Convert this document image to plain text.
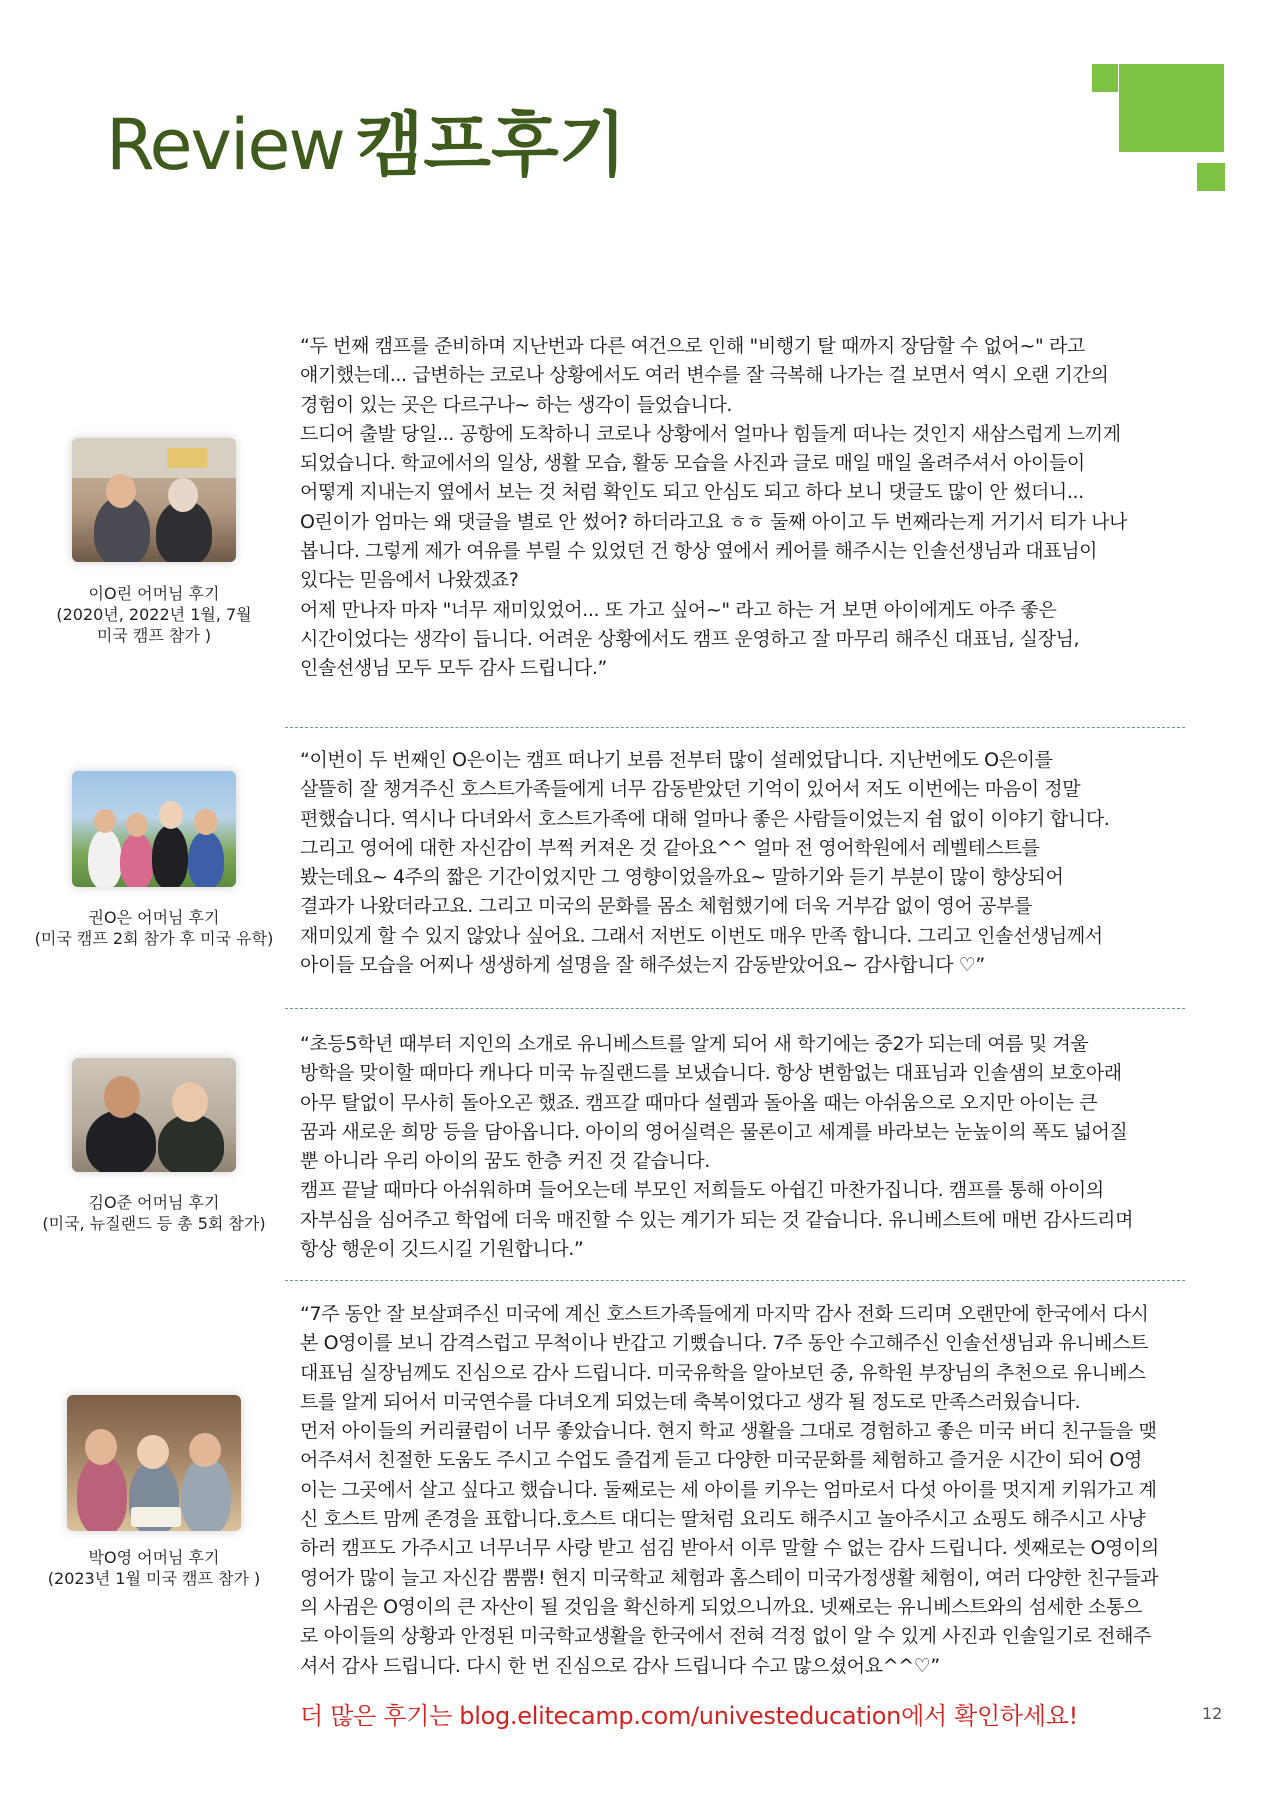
Review 캠프후기
이O린 어머님 후기
(2020년, 2022년 1월, 7월
미국 캠프 참가 )

“두 번째 캠프를 준비하며 지난번과 다른 여건으로 인해 "비행기 탈 때까지 장담할 수 없어~" 라고
얘기했는데... 급변하는 코로나 상황에서도 여러 변수를 잘 극복해 나가는 걸 보면서 역시 오랜 기간의
경험이 있는 곳은 다르구나~ 하는 생각이 들었습니다.
드디어 출발 당일... 공항에 도착하니 코로나 상황에서 얼마나 힘들게 떠나는 것인지 새삼스럽게 느끼게
되었습니다. 학교에서의 일상, 생활 모습, 활동 모습을 사진과 글로 매일 매일 올려주셔서 아이들이
어떻게 지내는지 옆에서 보는 것 처럼 확인도 되고 안심도 되고 하다 보니 댓글도 많이 안 썼더니...
O린이가 엄마는 왜 댓글을 별로 안 썼어? 하더라고요 ㅎㅎ 둘째 아이고 두 번째라는게 거기서 티가 나나
봅니다. 그렇게 제가 여유를 부릴 수 있었던 건 항상 옆에서 케어를 해주시는 인솔선생님과 대표님이
있다는 믿음에서 나왔겠죠?
어제 만나자 마자 "너무 재미있었어... 또 가고 싶어~" 라고 하는 거 보면 아이에게도 아주 좋은
시간이었다는 생각이 듭니다. 어려운 상황에서도 캠프 운영하고 잘 마무리 해주신 대표님, 실장님,
인솔선생님 모두 모두 감사 드립니다.”

권O은 어머님 후기
(미국 캠프 2회 참가 후 미국 유학)

“이번이 두 번째인 O은이는 캠프 떠나기 보름 전부터 많이 설레었답니다. 지난번에도 O은이를
살뜰히 잘 챙겨주신 호스트가족들에게 너무 감동받았던 기억이 있어서 저도 이번에는 마음이 정말
편했습니다. 역시나 다녀와서 호스트가족에 대해 얼마나 좋은 사람들이었는지 쉼 없이 이야기 합니다.
그리고 영어에 대한 자신감이 부쩍 커져온 것 같아요^^ 얼마 전 영어학원에서 레벨테스트를
봤는데요~ 4주의 짧은 기간이었지만 그 영향이었을까요~ 말하기와 듣기 부분이 많이 향상되어
결과가 나왔더라고요. 그리고 미국의 문화를 몸소 체험했기에 더욱 거부감 없이 영어 공부를
재미있게 할 수 있지 않았나 싶어요. 그래서 저번도 이번도 매우 만족 합니다. 그리고 인솔선생님께서
아이들 모습을 어찌나 생생하게 설명을 잘 해주셨는지 감동받았어요~ 감사합니다 ♡”

김O준 어머님 후기
(미국, 뉴질랜드 등 총 5회 참가)

“초등5학년 때부터 지인의 소개로 유니베스트를 알게 되어 새 학기에는 중2가 되는데 여름 및 겨울
방학을 맞이할 때마다 캐나다 미국 뉴질랜드를 보냈습니다. 항상 변함없는 대표님과 인솔샘의 보호아래
아무 탈없이 무사히 돌아오곤 했죠. 캠프갈 때마다 설렘과 돌아올 때는 아쉬움으로 오지만 아이는 큰
꿈과 새로운 희망 등을 담아옵니다. 아이의 영어실력은 물론이고 세계를 바라보는 눈높이의 폭도 넓어질
뿐 아니라 우리 아이의 꿈도 한층 커진 것 같습니다.
캠프 끝날 때마다 아쉬워하며 들어오는데 부모인 저희들도 아쉽긴 마찬가집니다. 캠프를 통해 아이의
자부심을 심어주고 학업에 더욱 매진할 수 있는 계기가 되는 것 같습니다. 유니베스트에 매번 감사드리며
항상 행운이 깃드시길 기원합니다.”

박O영 어머님 후기
(2023년 1월 미국 캠프 참가 )

“7주 동안 잘 보살펴주신 미국에 계신 호스트가족들에게 마지막 감사 전화 드리며 오랜만에 한국에서 다시
본 O영이를 보니 감격스럽고 무척이나 반갑고 기뻤습니다. 7주 동안 수고해주신 인솔선생님과 유니베스트
대표님 실장님께도 진심으로 감사 드립니다. 미국유학을 알아보던 중, 유학원 부장님의 추천으로 유니베스
트를 알게 되어서 미국연수를 다녀오게 되었는데 축복이었다고 생각 될 정도로 만족스러웠습니다.
먼저 아이들의 커리큘럼이 너무 좋았습니다. 현지 학교 생활을 그대로 경험하고 좋은 미국 버디 친구들을 맺
어주셔서 친절한 도움도 주시고 수업도 즐겁게 듣고 다양한 미국문화를 체험하고 즐거운 시간이 되어 O영
이는 그곳에서 살고 싶다고 했습니다. 둘째로는 세 아이를 키우는 엄마로서 다섯 아이를 멋지게 키워가고 계
신 호스트 맘께 존경을 표합니다.호스트 대디는 딸처럼 요리도 해주시고 놀아주시고 쇼핑도 해주시고 사냥
하러 캠프도 가주시고 너무너무 사랑 받고 섬김 받아서 이루 말할 수 없는 감사 드립니다. 셋째로는 O영이의
영어가 많이 늘고 자신감 뿜뿜! 현지 미국학교 체험과 홈스테이 미국가정생활 체험이, 여러 다양한 친구들과
의 사귐은 O영이의 큰 자산이 될 것임을 확신하게 되었으니까요. 넷째로는 유니베스트와의 섬세한 소통으
로 아이들의 상황과 안정된 미국학교생활을 한국에서 전혀 걱정 없이 알 수 있게 사진과 인솔일기로 전해주
셔서 감사 드립니다. 다시 한 번 진심으로 감사 드립니다 수고 많으셨어요^^♡”

더 많은 후기는 blog.elitecamp.com/univesteducation에서 확인하세요!	12
